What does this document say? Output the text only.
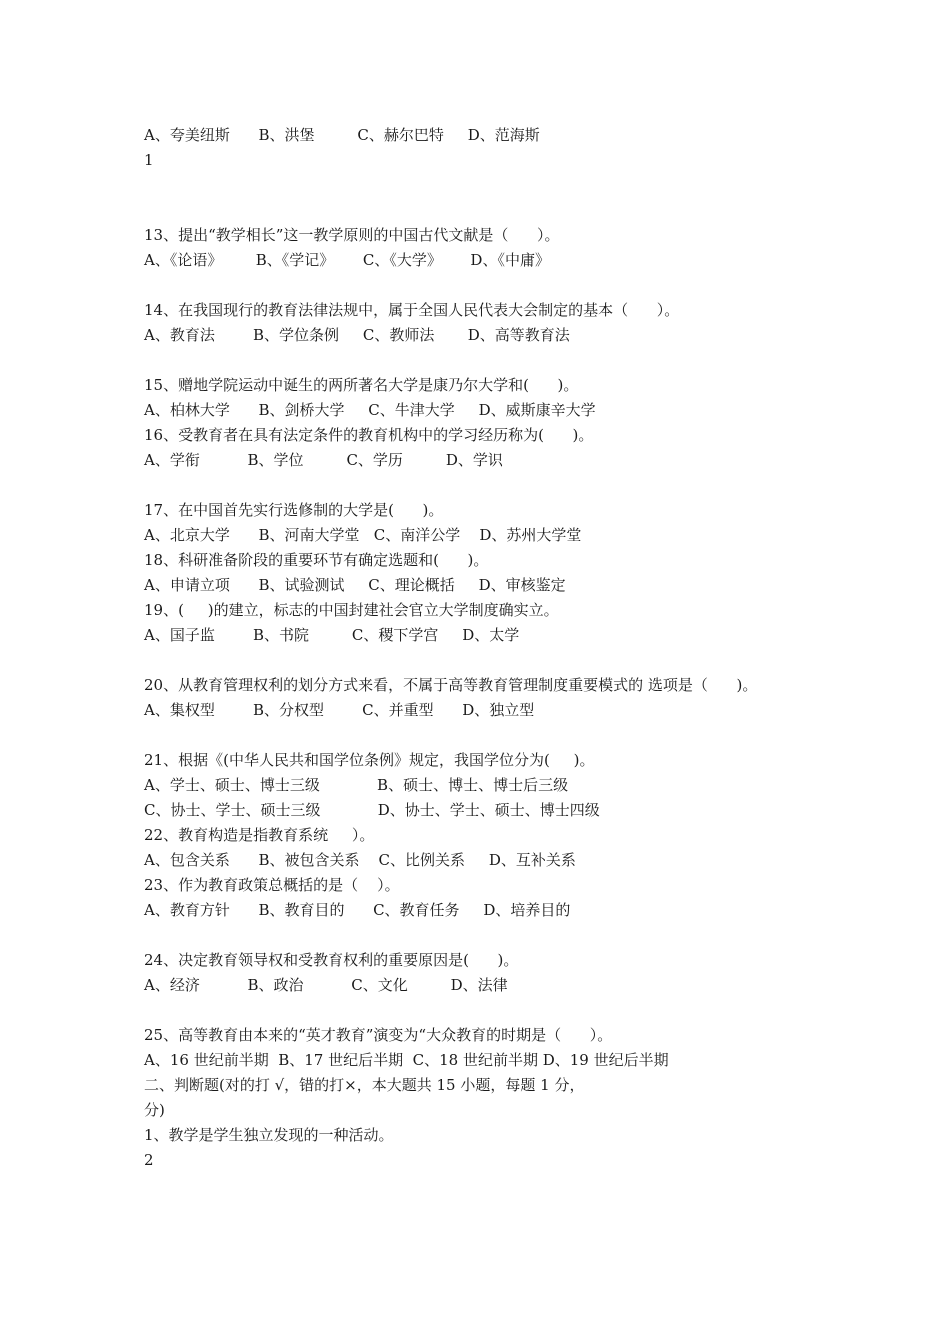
A、夸美纽斯      B、洪堡         C、赫尔巴特     D、范海斯
1
13、提出“教学相长”这一教学原则的中国古代文献是（      ）。
A、《论语》       B、《学记》      C、《大学》      D、《中庸》
14、在我国现行的教育法律法规中，属于全国人民代表大会制定的基本（      ）。
A、教育法        B、学位条例     C、教师法       D、高等教育法
15、赠地学院运动中诞生的两所著名大学是康乃尔大学和(      )。
A、柏林大学      B、剑桥大学     C、牛津大学     D、威斯康辛大学
16、受教育者在具有法定条件的教育机构中的学习经历称为(      )。
A、学衔          B、学位         C、学历         D、学识
17、在中国首先实行选修制的大学是(      )。
A、北京大学      B、河南大学堂   C、南洋公学    D、苏州大学堂
18、科研准备阶段的重要环节有确定选题和(      )。
A、申请立项      B、试验测试     C、理论概括     D、审核鉴定
19、(     )的建立，标志的中国封建社会官立大学制度确实立。
A、国子监        B、书院         C、稷下学宫     D、太学
20、从教育管理权利的划分方式来看，不属于高等教育管理制度重要模式的 选项是（      )。
A、集权型        B、分权型        C、并重型      D、独立型
21、根据《(中华人民共和国学位条例》规定，我国学位分为(     )。
A、学士、硕士、博士三级            B、硕士、博士、博士后三级
C、协士、学士、硕士三级            D、协士、学士、硕士、博士四级
22、教育构造是指教育系统     ）。
A、包含关系      B、被包含关系    C、比例关系     D、互补关系
23、作为教育政策总概括的是（    ）。
A、教育方针      B、教育目的      C、教育任务     D、培养目的
24、决定教育领导权和受教育权利的重要原因是(      )。
A、经济          B、政治          C、文化         D、法律
25、高等教育由本来的“英才教育”演变为“大众教育的时期是（      ）。
A、16 世纪前半期  B、17 世纪后半期  C、18 世纪前半期 D、19 世纪后半期
二、判断题(对的打 √，错的打×，本大题共 15 小题，每题 1 分，
分)
1、教学是学生独立发现的一种活动。
2
